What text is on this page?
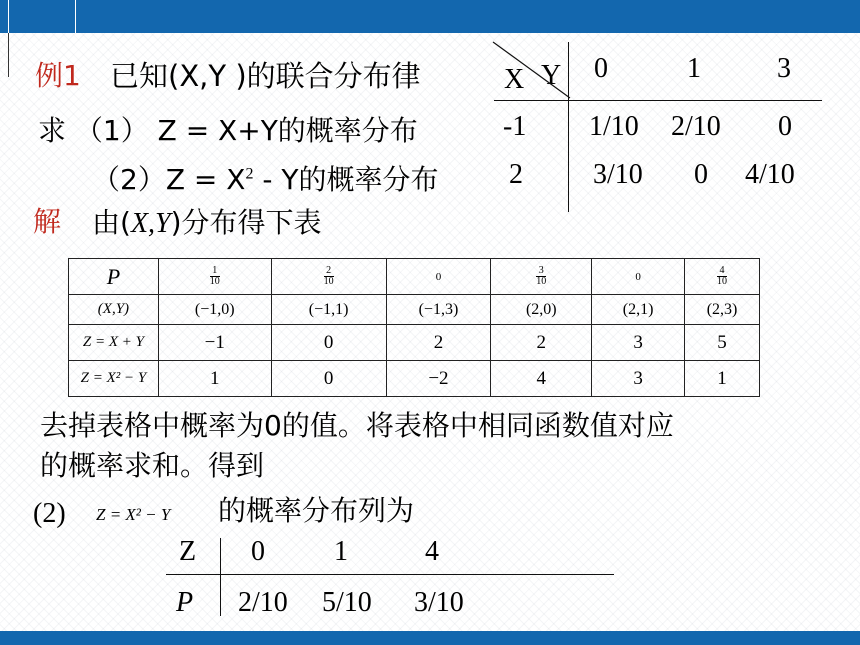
例1 已知(X,Y )的联合分布律
求 （1） Z = X+Y的概率分布
$(2)Z = X^2 - Y$的概率分布
X Y 0	1	3
-1 1/10 2/10 0
2	3/10 0 4/10
解 由(X,Y)分布得下表
P	$\frac{1}{10}$	$\frac{2}{10}$	0	$\frac{3}{10}$	0	$\frac{4}{10}$

(X,Y)	(−1,0)	(−1,1)	(−1,3)	(2,0)	(2,1)	(2,3)
Z = X + Y	−1	0	2	2	3	5
Z = X² − Y	1	0	−2	4	3	1
去掉表格中概率为0的值。将表格中相同函数值对应
的概率求和。得到
(2) Z = X² − Y 的概率分布列为
Z 0 1	4
P 2/10 5/10 3/10
